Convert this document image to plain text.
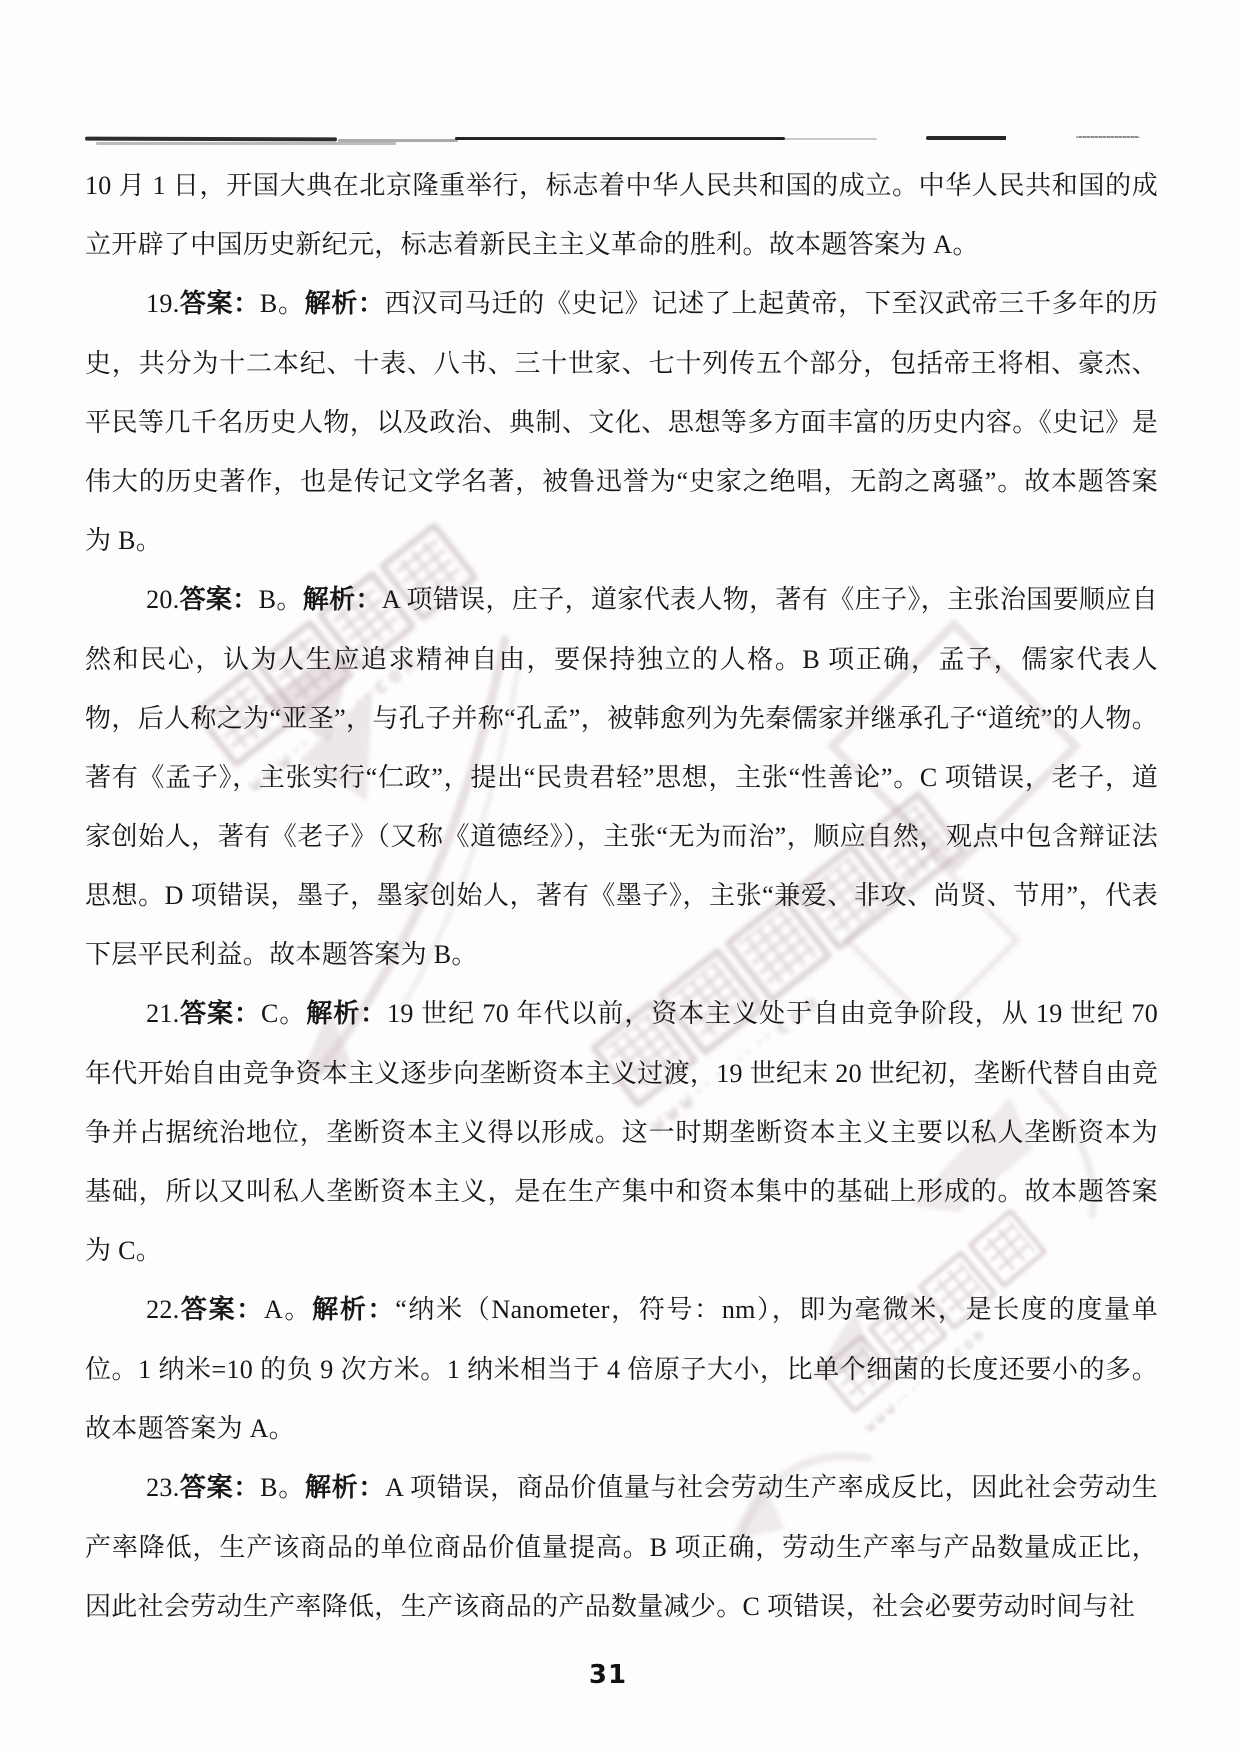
www‥‥‥‥com
www‥‥‥‥com
www‥‥‥‥com

10 月 1 日，开国大典在北京隆重举行，标志着中华人民共和国的成立。中华人民共和国的成立开辟了中国历史新纪元，标志着新民主主义革命的胜利。故本题答案为 A。

19.答案：B。解析：西汉司马迁的《史记》记述了上起黄帝，下至汉武帝三千多年的历史，共分为十二本纪、十表、八书、三十世家、七十列传五个部分，包括帝王将相、豪杰、平民等几千名历史人物，以及政治、典制、文化、思想等多方面丰富的历史内容。《史记》是伟大的历史著作，也是传记文学名著，被鲁迅誉为“史家之绝唱，无韵之离骚”。故本题答案为 B。

20.答案：B。解析：A 项错误，庄子，道家代表人物，著有《庄子》，主张治国要顺应自然和民心，认为人生应追求精神自由，要保持独立的人格。B 项正确，孟子，儒家代表人物，后人称之为“亚圣”，与孔子并称“孔孟”，被韩愈列为先秦儒家并继承孔子“道统”的人物。著有《孟子》，主张实行“仁政”，提出“民贵君轻”思想，主张“性善论”。C 项错误，老子，道家创始人，著有《老子》（又称《道德经》），主张“无为而治”，顺应自然，观点中包含辩证法思想。D 项错误，墨子，墨家创始人，著有《墨子》，主张“兼爱、非攻、尚贤、节用”，代表下层平民利益。故本题答案为 B。

21.答案：C。解析：19 世纪 70 年代以前，资本主义处于自由竞争阶段，从 19 世纪 70 年代开始自由竞争资本主义逐步向垄断资本主义过渡，19 世纪末 20 世纪初，垄断代替自由竞争并占据统治地位，垄断资本主义得以形成。这一时期垄断资本主义主要以私人垄断资本为基础，所以又叫私人垄断资本主义，是在生产集中和资本集中的基础上形成的。故本题答案为 C。

22.答案：A。解析：“纳米（Nanometer，符号：nm），即为毫微米，是长度的度量单位。1 纳米=10 的负 9 次方米。1 纳米相当于 4 倍原子大小，比单个细菌的长度还要小的多。故本题答案为 A。

23.答案：B。解析：A 项错误，商品价值量与社会劳动生产率成反比，因此社会劳动生产率降低，生产该商品的单位商品价值量提高。B 项正确，劳动生产率与产品数量成正比，因此社会劳动生产率降低，生产该商品的产品数量减少。C 项错误，社会必要劳动时间与社

31
